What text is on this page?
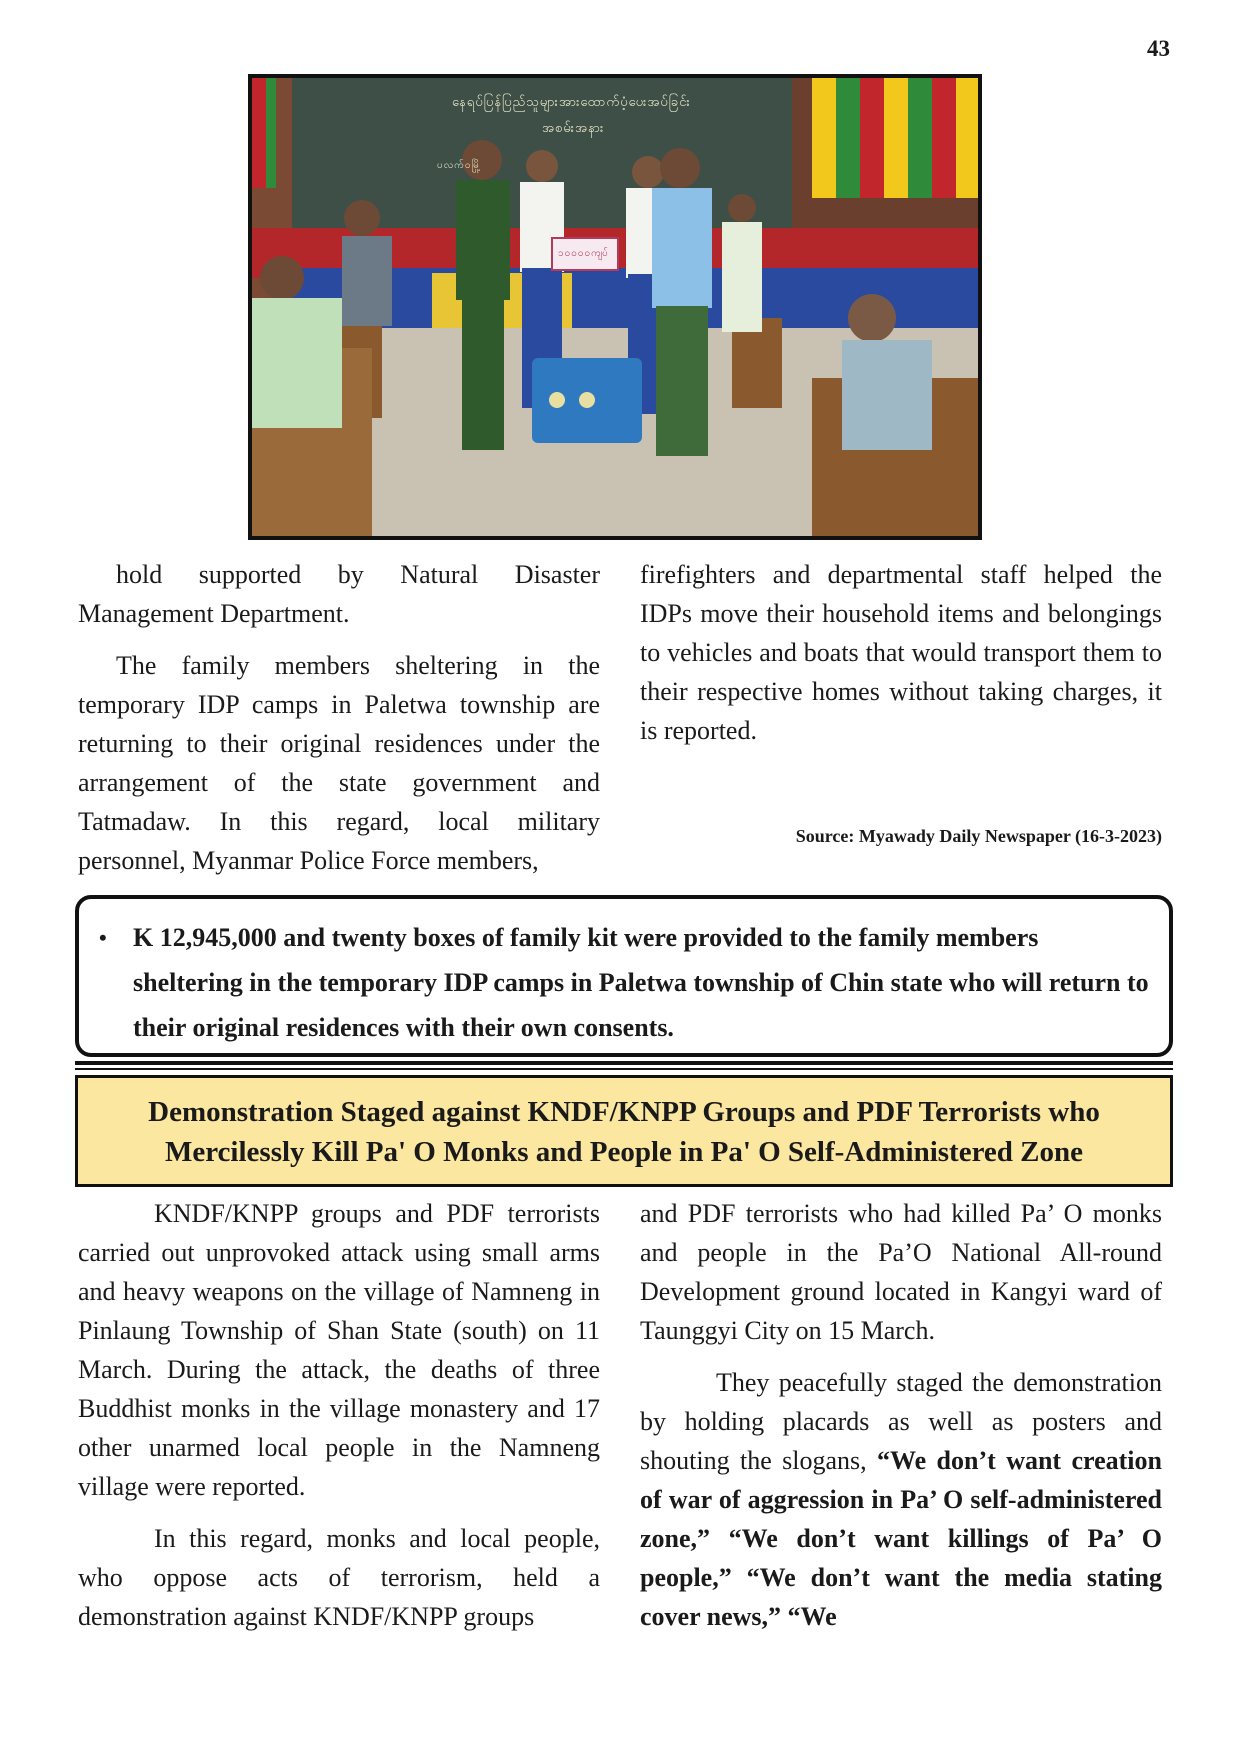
43
နေရပ်ပြန်ပြည်သူများအားထောက်ပံ့ပေးအပ်ခြင်း
အစမ်းအနား
ပလက်ဝမြို့
၁၀၀၀၀ကျပ်

hold supported by Natural Disaster Management Department.

The family members sheltering in the temporary IDP camps in Paletwa township are returning to their original residences under the arrangement of the state government and Tatmadaw. In this regard, local military personnel, Myanmar Police Force members,

firefighters and departmental staff helped the IDPs move their household items and belongings to vehicles and boats that would transport them to their respective homes without taking charges, it is reported.

Source: Myawady Daily Newspaper (16-3-2023)
• K 12,945,000 and twenty boxes of family kit were provided to the family members sheltering in the temporary IDP camps in Paletwa township of Chin state who will return to their original residences with their own consents.
Demonstration Staged against KNDF/KNPP Groups and PDF Terrorists who
Mercilessly Kill Pa' O Monks and People in Pa' O Self-Administered Zone

KNDF/KNPP groups and PDF terrorists carried out unprovoked attack using small arms and heavy weapons on the village of Namneng in Pinlaung Township of Shan State (south) on 11 March. During the attack, the deaths of three Buddhist monks in the village monastery and 17 other unarmed local people in the Namneng village were reported.

In this regard, monks and local people, who oppose acts of terrorism, held a demonstration against KNDF/KNPP groups

and PDF terrorists who had killed Pa’ O monks and people in the Pa’O National All-round Development ground located in Kangyi ward of Taunggyi City on 15 March.

They peacefully staged the demonstration by holding placards as well as posters and shouting the slogans, “We don’t want creation of war of aggression in Pa’ O self-administered zone,” “We don’t want killings of Pa’ O people,” “We don’t want the media stating cover news,” “We
